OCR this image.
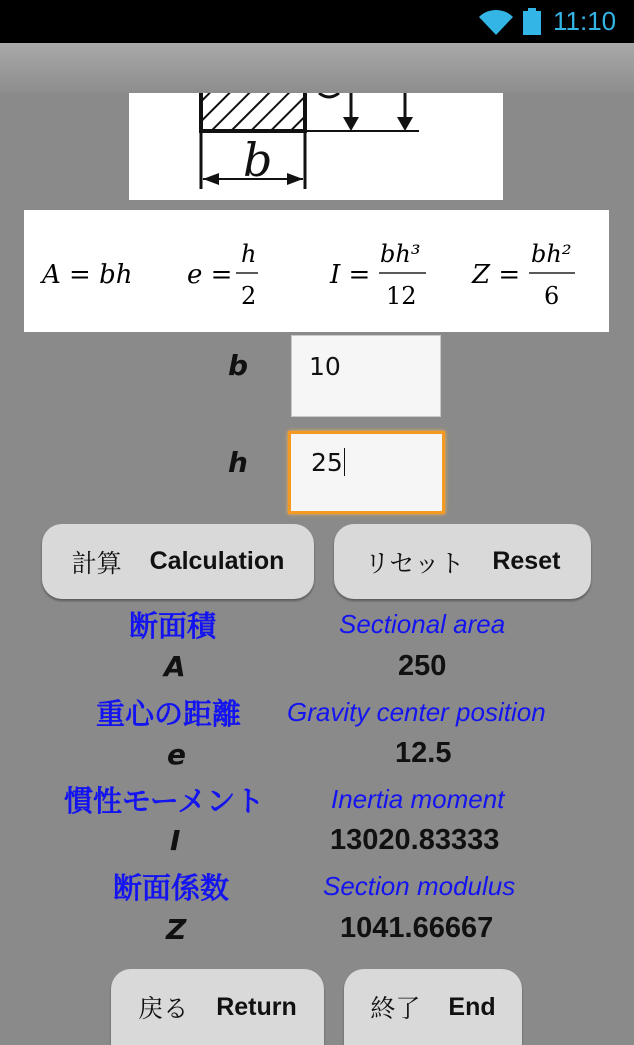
11:10
b
A = bh e =
h
2
I =
bh³
12
Z =
bh²
6
b	10
h	25
計算 Calculation	リセット Reset
断面積	Sectional area
A	250
重心の距離 Gravity center position
e	12.5
慣性モーメント	Inertia moment
I	13020.83333
断面係数	Section modulus
Z	1041.66667
戻る Return	終了 End
